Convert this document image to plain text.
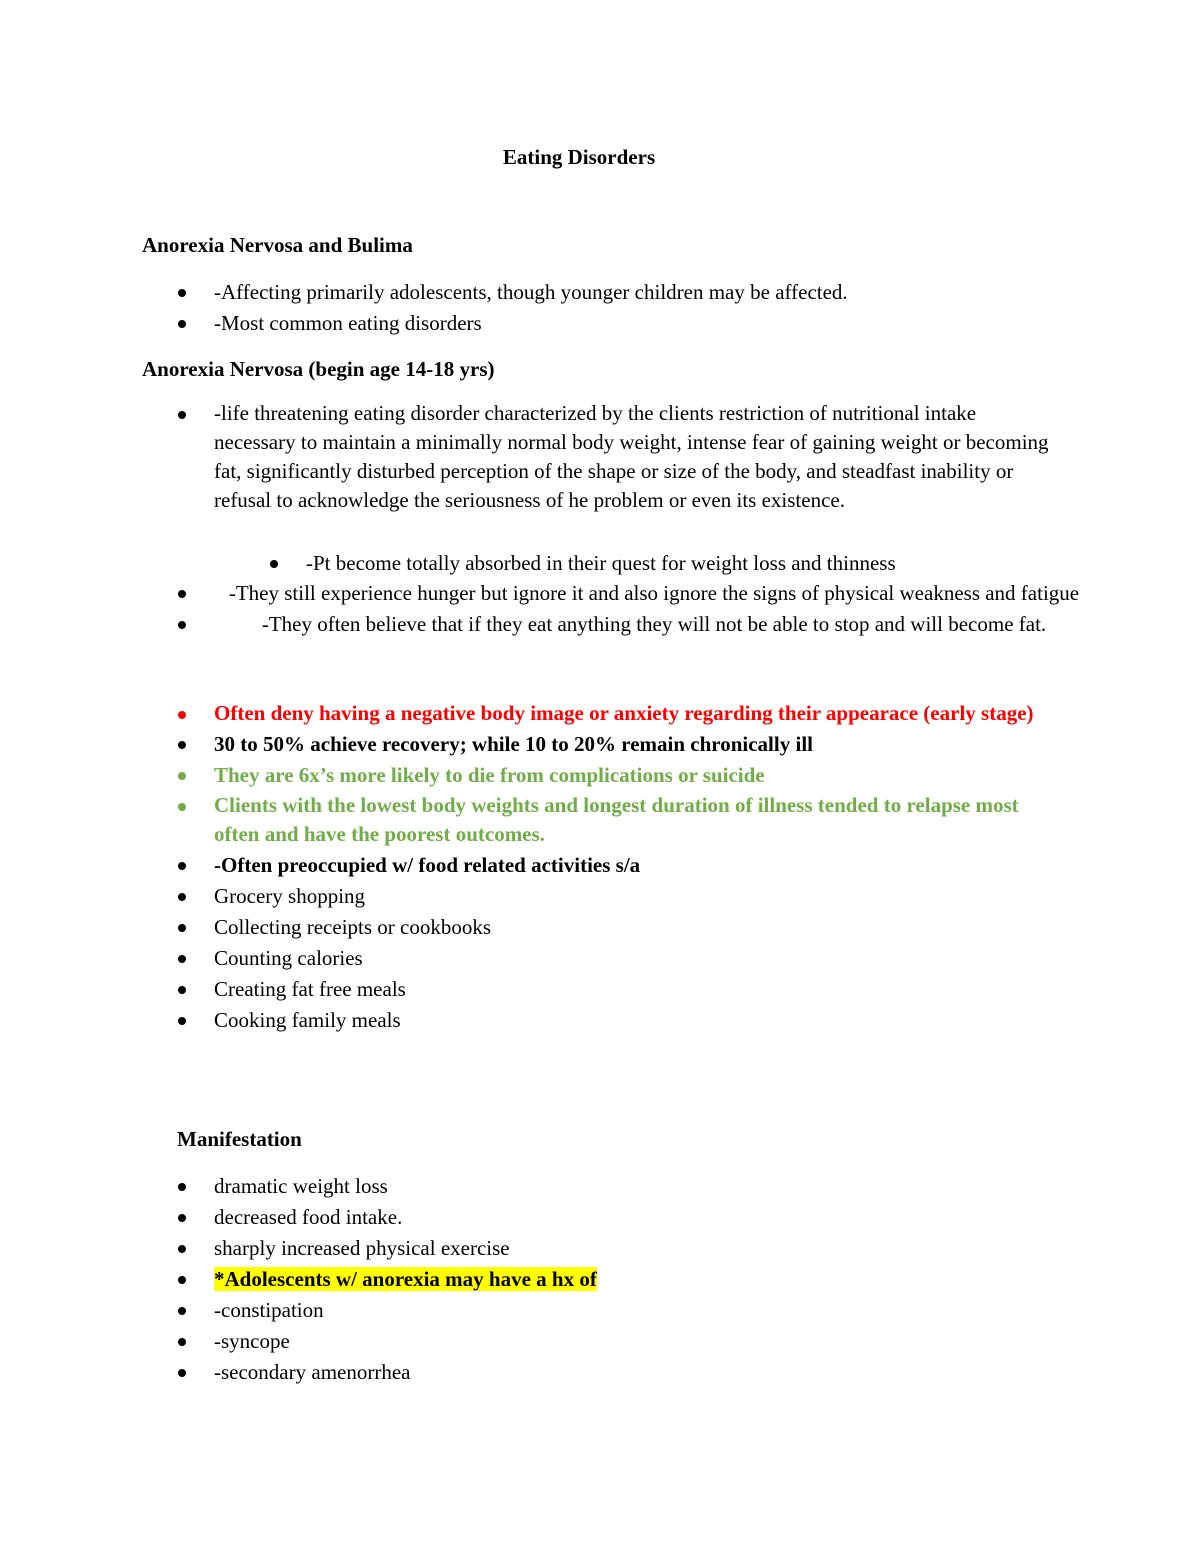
Eating Disorders
Anorexia Nervosa and Bulima
-Affecting primarily adolescents, though younger children may be affected.
-Most common eating disorders
Anorexia Nervosa (begin age 14-18 yrs)
-life threatening eating disorder characterized by the clients restriction of nutritional intake necessary to maintain a minimally normal body weight, intense fear of gaining weight or becoming fat, significantly disturbed perception of the shape or size of the body, and steadfast inability or refusal to acknowledge the seriousness of he problem or even its existence.
-Pt become totally absorbed in their quest for weight loss and thinness
-They still experience hunger but ignore it and also ignore the signs of physical weakness and fatigue
-They often believe that if they eat anything they will not be able to stop and will become fat.
Often deny having a negative body image or anxiety regarding their appearace (early stage)
30 to 50% achieve recovery; while 10 to 20% remain chronically ill
They are 6x’s more likely to die from complications or suicide
Clients with the lowest body weights and longest duration of illness tended to relapse most often and have the poorest outcomes.
-Often preoccupied w/ food related activities s/a
Grocery shopping
Collecting receipts or cookbooks
Counting calories
Creating fat free meals
Cooking family meals
Manifestation
dramatic weight loss
decreased food intake.
sharply increased physical exercise
*Adolescents w/ anorexia may have a hx of
-constipation
-syncope
-secondary amenorrhea
